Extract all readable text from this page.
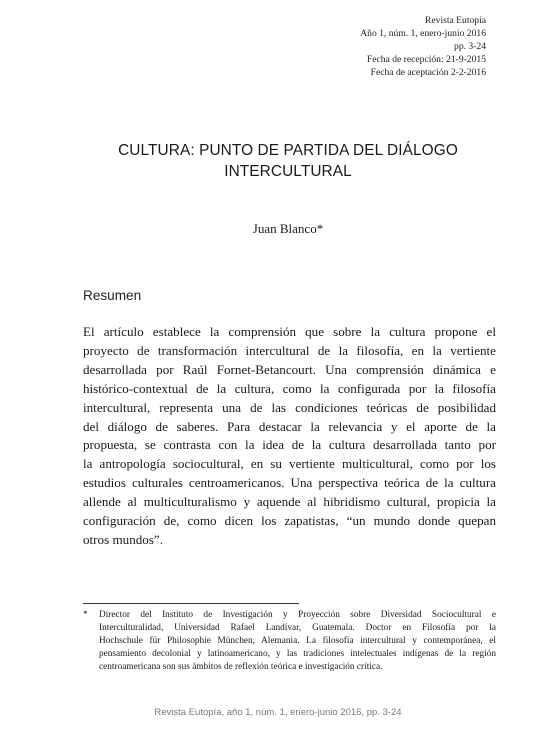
Revista Eutopía
Año 1, núm. 1, enero-junio 2016
pp. 3-24
Fecha de recepción: 21-9-2015
Fecha de aceptación 2-2-2016
CULTURA: PUNTO DE PARTIDA DEL DIÁLOGO
INTERCULTURAL
Juan Blanco*
Resumen

El artículo establece la comprensión que sobre la cultura propone el
proyecto de transformación intercultural de la filosofía, en la vertiente
desarrollada por Raúl Fornet-Betancourt. Una comprensión dinámica e
histórico-contextual de la cultura, como la configurada por la filosofía
intercultural, representa una de las condiciones teóricas de posibilidad
del diálogo de saberes. Para destacar la relevancia y el aporte de la
propuesta, se contrasta con la idea de la cultura desarrollada tanto por
la antropología sociocultural, en su vertiente multicultural, como por los
estudios culturales centroamericanos. Una perspectiva teórica de la cultura
allende al multiculturalismo y aquende al hibridismo cultural, propicia la
configuración de, como dicen los zapatistas, “un mundo donde quepan
otros mundos”.

* Director del Instituto de Investigación y Proyección sobre Diversidad Sociocultural e
Interculturalidad, Universidad Rafael Landívar, Guatemala. Doctor en Filosofía por la
Hochschule für Philosophie München, Alemania. La filosofía intercultural y contemporánea, el
pensamiento decolonial y latinoamericano, y las tradiciones intelectuales indígenas de la región
centroamericana son sus ámbitos de reflexión teórica e investigación crítica.
Revista Eutopía, año 1, núm. 1, enero-junio 2016, pp. 3-24
